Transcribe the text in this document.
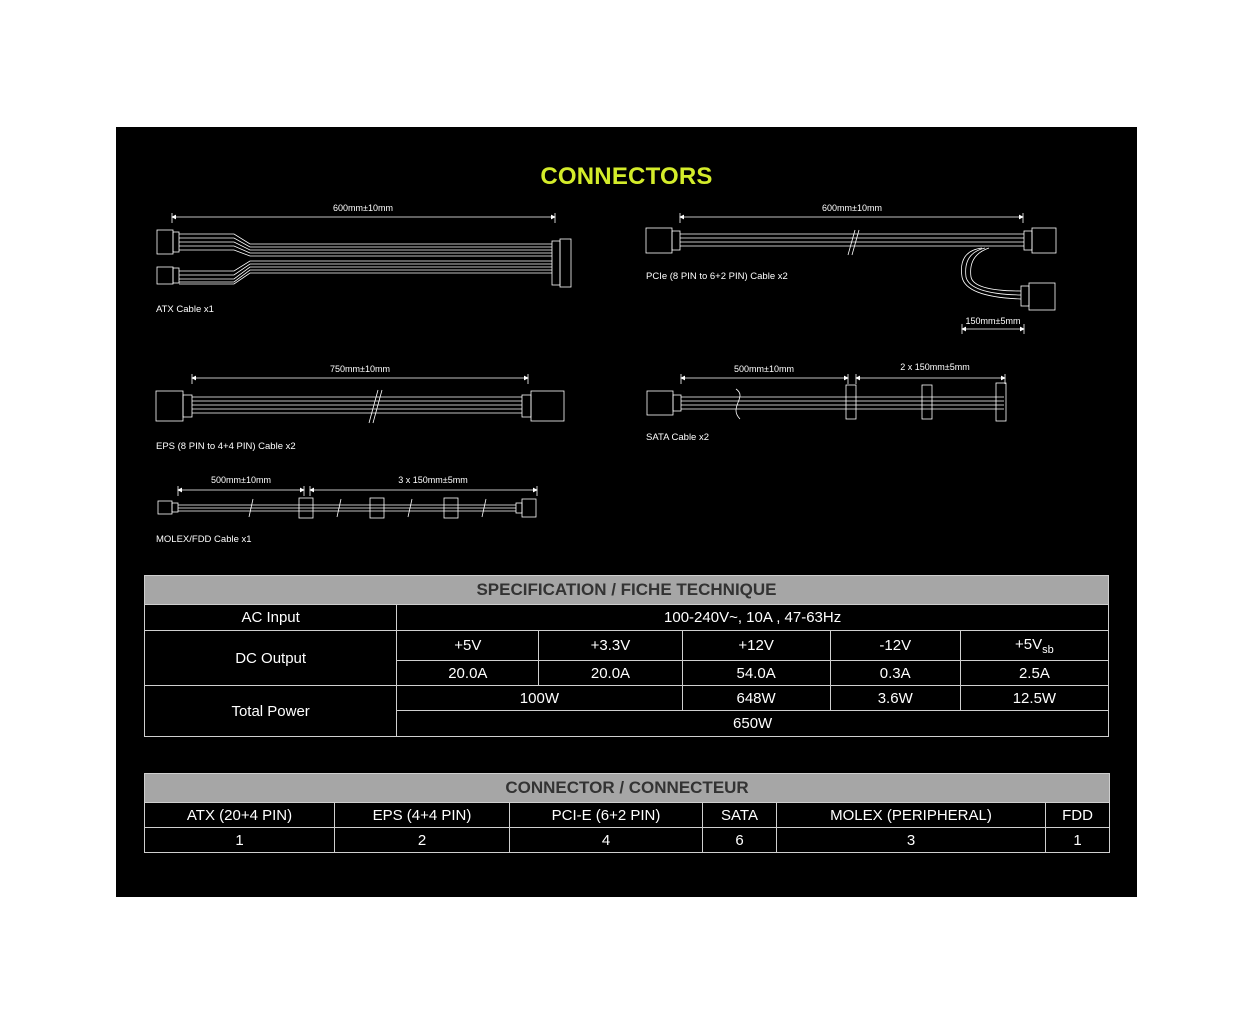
CONNECTORS
600mm±10mm
ATX Cable x1
600mm±10mm
150mm±5mm
PCIe (8 PIN to 6+2 PIN) Cable x2
750mm±10mm
EPS (8 PIN to 4+4 PIN) Cable x2
500mm±10mm	2 x 150mm±5mm
SATA Cable x2
500mm±10mm	3 x 150mm±5mm
MOLEX/FDD Cable x1
SPECIFICATION / FICHE TECHNIQUE					
AC Input	100-240V~, 10A , 47-63Hz				
DC Output	+5V	+3.3V	+12V	-12V	$+5V_{sb}$
	20.0A	20.0A	54.0A	0.3A	2.5A
Total Power	100W		648W	3.6W	12.5W
	650W				
CONNECTOR / CONNECTEUR					
ATX (20+4 PIN)	EPS (4+4 PIN)	PCI-E (6+2 PIN)	SATA	MOLEX (PERIPHERAL)	FDD
1	2	4	6	3	1
